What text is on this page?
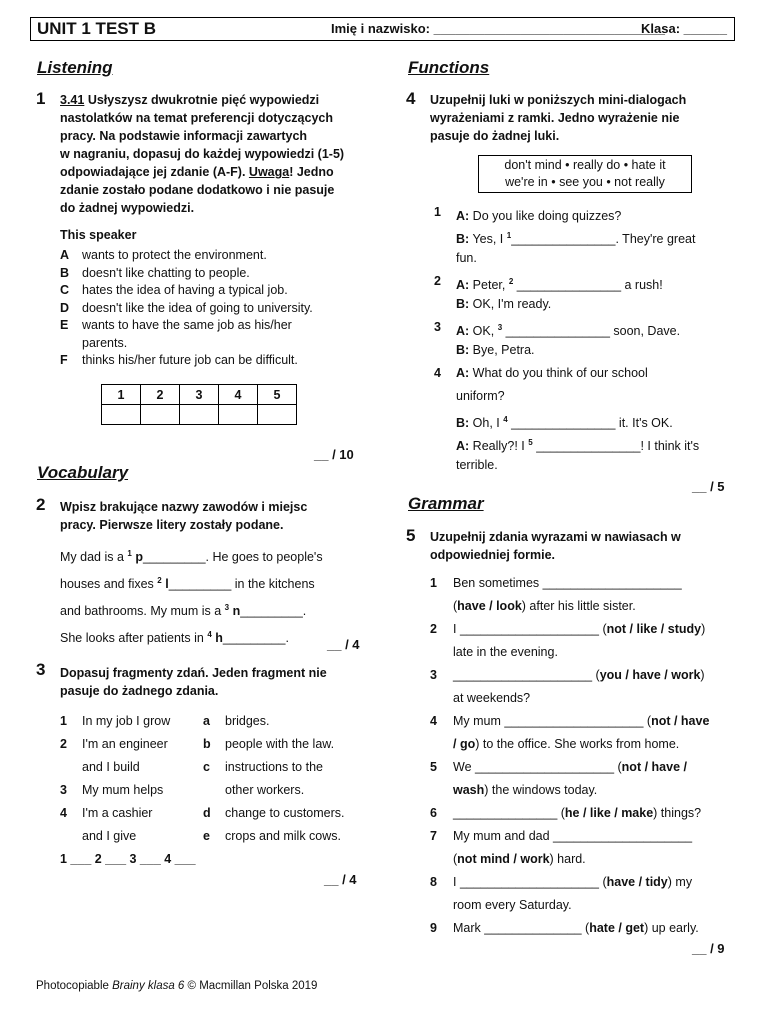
UNIT 1 TEST B	Imię i nazwisko: ________________________________
Klasa: ______
Listening
1 3.41 Usłyszysz dwukrotnie pięć wypowiedzi
nastolatków na temat preferencji dotyczących
pracy. Na podstawie informacji zawartych
w nagraniu, dopasuj do każdej wypowiedzi (1-5)
odpowiadające jej zdanie (A-F). Uwaga! Jedno
zdanie zostało podane dodatkowo i nie pasuje
do żadnej wypowiedzi.
This speaker
A wants to protect the environment.
B doesn't like chatting to people.
C hates the idea of having a typical job.
D doesn't like the idea of going to university.
E wants to have the same job as his/her
parents.
F thinks his/her future job can be difficult.
1	2	3	4	5

__ / 10
Vocabulary
2 Wpisz brakujące nazwy zawodów i miejsc
pracy. Pierwsze litery zostały podane.
My dad is a $^1$ p_________. He goes to people's
houses and fixes $^2$ l_________ in the kitchens
and bathrooms. My mum is a $^3$ n_________.
She looks after patients in $^4$ h_________.	__ / 4
3 Dopasuj fragmenty zdań. Jeden fragment nie
pasuje do żadnego zdania.
1 In my job I grow
2 I'm an engineer
and I build
3 My mum helps
4 I'm a cashier
and I give
a bridges.
b people with the law.
c instructions to the
other workers.
d change to customers.
e crops and milk cows.
1 ___ 2 ___ 3 ___ 4 ___
__ / 4
Functions
4 Uzupełnij luki w poniższych mini-dialogach
wyrażeniami z ramki. Jedno wyrażenie nie
pasuje do żadnej luki.
don't mind • really do • hate it
we're in • see you • not really
1 A: Do you like doing quizzes?
B: Yes, I $^1$_______________. They're great
fun.
2 A: Peter, $^2$ _______________ a rush!
B: OK, I'm ready.
3 A: OK, $^3$ _______________ soon, Dave.
B: Bye, Petra.
4 A: What do you think of our school
uniform?
B: Oh, I $^4$ _______________ it. It's OK.
A: Really?! I $^5$ _______________! I think it's
terrible.
__ / 5
Grammar
5 Uzupełnij zdania wyrazami w nawiasach w
odpowiedniej formie.
1 Ben sometimes ____________________
(have / look) after his little sister.
2 I ____________________ (not / like / study)
late in the evening.
3 ____________________ (you / have / work)
at weekends?
4 My mum ____________________ (not / have
/ go) to the office. She works from home.
5 We ____________________ (not / have /
wash) the windows today.
6 _______________ (he / like / make) things?
7 My mum and dad ____________________
(not mind / work) hard.
8 I ____________________ (have / tidy) my
room every Saturday.
9 Mark ______________ (hate / get) up early.
__ / 9
Photocopiable Brainy klasa 6 © Macmillan Polska 2019
